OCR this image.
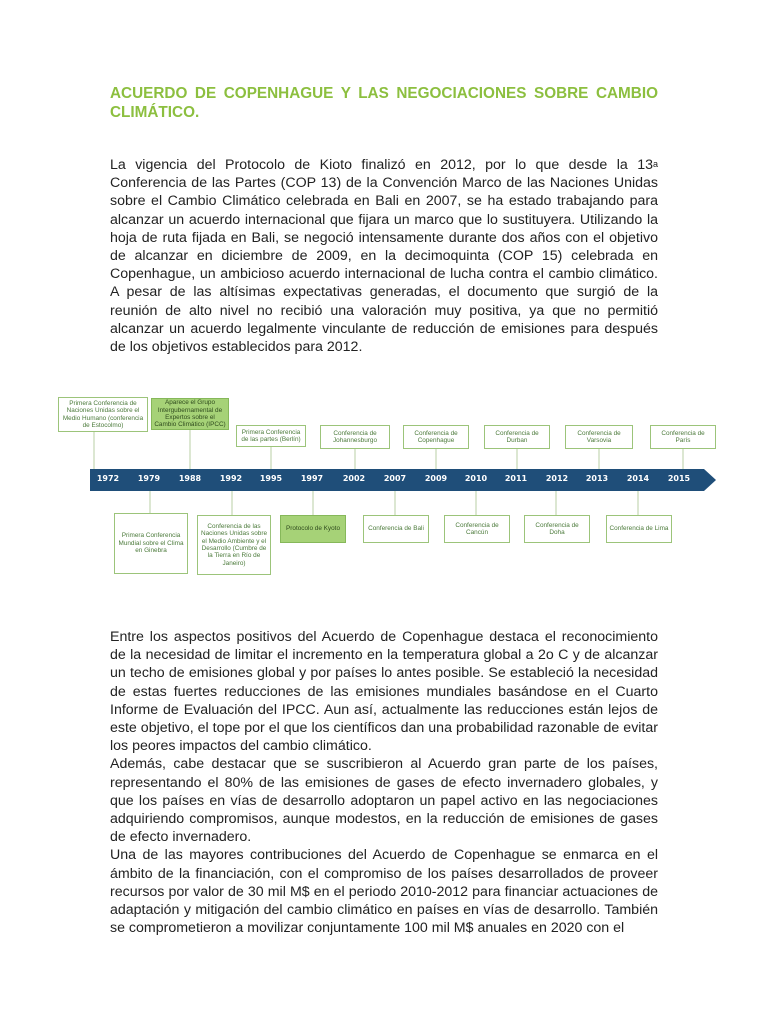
ACUERDO DE COPENHAGUE Y LAS NEGOCIACIONES SOBRE CAMBIO CLIMÁTICO.
La vigencia del Protocolo de Kioto finalizó en 2012, por lo que desde la 13$^a$ Conferencia de las Partes (COP 13) de la Convención Marco de las Naciones Unidas sobre el Cambio Climático celebrada en Bali en 2007, se ha estado trabajando para alcanzar un acuerdo internacional que fijara un marco que lo sustituyera. Utilizando la hoja de ruta fijada en Bali, se negoció intensamente durante dos años con el objetivo de alcanzar en diciembre de 2009, en la decimoquinta (COP 15) celebrada en Copenhague, un ambicioso acuerdo internacional de lucha contra el cambio climático. A pesar de las altísimas expectativas generadas, el documento que surgió de la reunión de alto nivel no recibió una valoración muy positiva, ya que no permitió alcanzar un acuerdo legalmente vinculante de reducción de emisiones para después de los objetivos establecidos para 2012.
1972	1979	1988	1992	1995	1997	2002	2007	2009	2010	2011	2012	2013	2014	2015
Primera Conferencia de Naciones Unidas sobre el Medio Humano (conferencia de Estocolmo)
Aparece el Grupo Intergubernamental de Expertos sobre el Cambio Climático (IPCC)
Primera Conferencia de las partes (Berlín)
Conferencia de Johannesburgo
Conferencia de Copenhague
Conferencia de Durban
Conferencia de Varsovia
Conferencia de París
Primera Conferencia Mundial sobre el Clima en Ginebra
Conferencia de las Naciones Unidas sobre el Medio Ambiente y el Desarrollo (Cumbre de la Tierra en Río de Janeiro)
Protocolo de Kyoto	Conferencia de Bali
Conferencia de Cancún
Conferencia de Doha
Conferencia de Lima

Entre los aspectos positivos del Acuerdo de Copenhague destaca el reconocimiento de la necesidad de limitar el incremento en la temperatura global a 2o C y de alcanzar un techo de emisiones global y por países lo antes posible. Se estableció la necesidad de estas fuertes reducciones de las emisiones mundiales basándose en el Cuarto Informe de Evaluación del IPCC. Aun así, actualmente las reducciones están lejos de este objetivo, el tope por el que los científicos dan una probabilidad razonable de evitar los peores impactos del cambio climático.

Además, cabe destacar que se suscribieron al Acuerdo gran parte de los países, representando el 80% de las emisiones de gases de efecto invernadero globales, y que los países en vías de desarrollo adoptaron un papel activo en las negociaciones adquiriendo compromisos, aunque modestos, en la reducción de emisiones de gases de efecto invernadero.

Una de las mayores contribuciones del Acuerdo de Copenhague se enmarca en el ámbito de la financiación, con el compromiso de los países desarrollados de proveer recursos por valor de 30 mil M$ en el periodo 2010-2012 para financiar actuaciones de adaptación y mitigación del cambio climático en países en vías de desarrollo. También se comprometieron a movilizar conjuntamente 100 mil M$ anuales en 2020 con el
